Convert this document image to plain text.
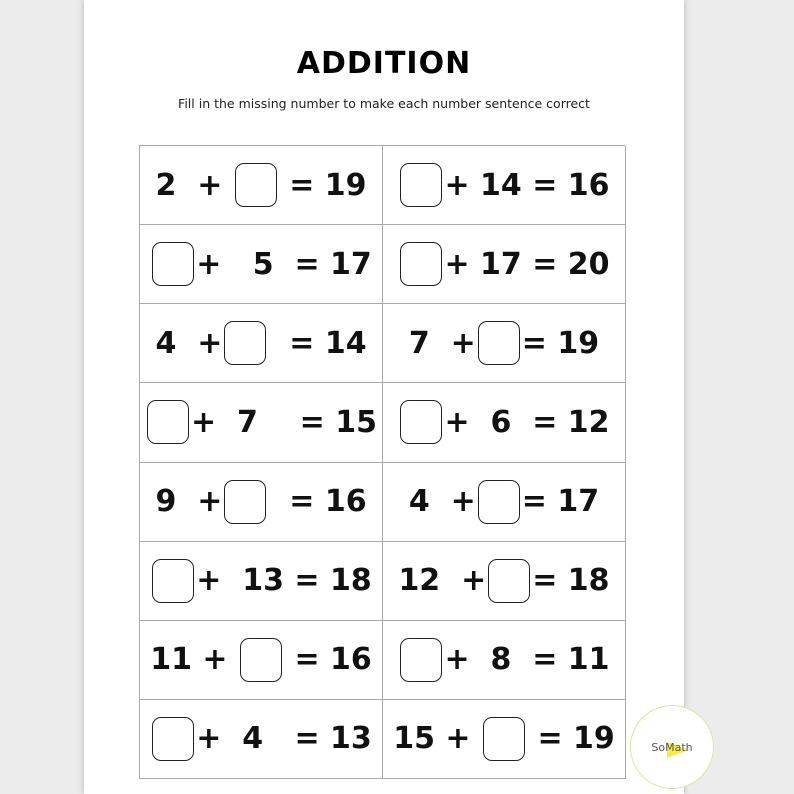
ADDITION
Fill in the missing number to make each number sentence correct
2  + = 19	+ 14 = 16
+   5  = 17 + 17 = 20
4  + = 14 7  + = 19
+  7    = 15 +  6  = 12
9  + = 16 4  + = 17
+  13 = 18 12  + = 18
11 + = 16 +  8  = 11
+  4   = 13 15 + = 19	SoMath
